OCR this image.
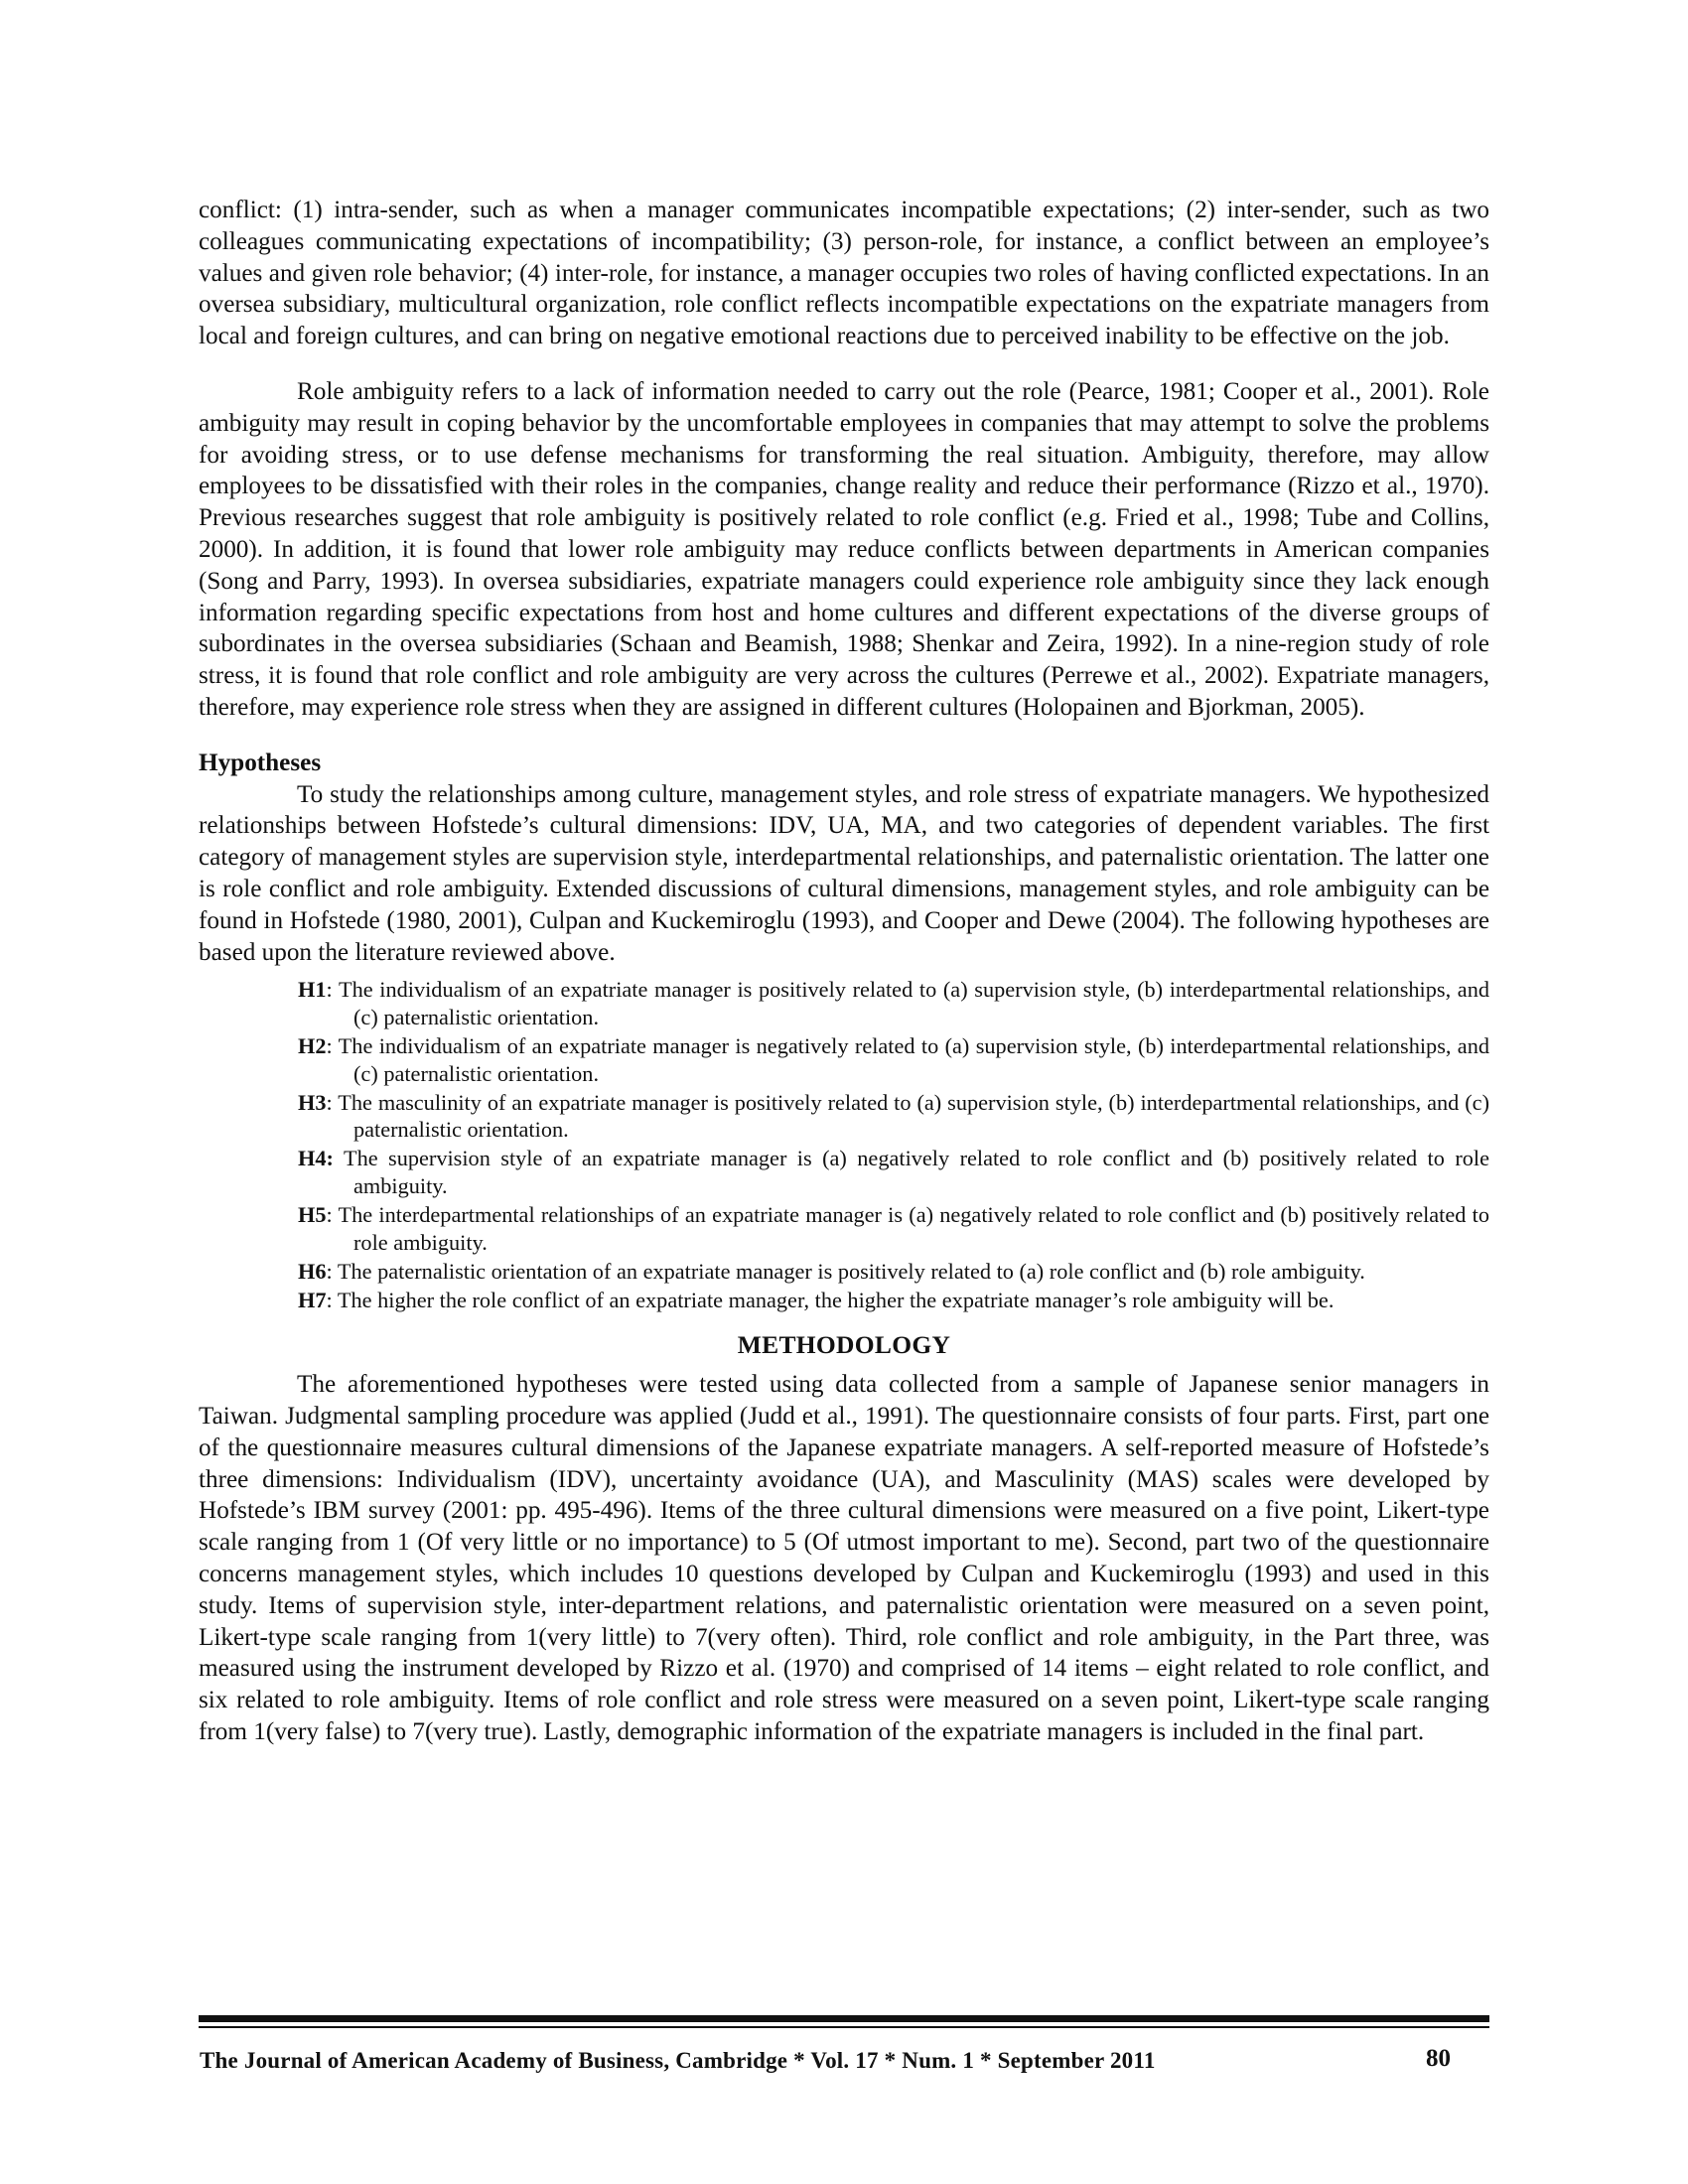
conflict: (1) intra-sender, such as when a manager communicates incompatible expectations; (2) inter-sender, such as two colleagues communicating expectations of incompatibility; (3) person-role, for instance, a conflict between an employee’s values and given role behavior; (4) inter-role, for instance, a manager occupies two roles of having conflicted expectations. In an oversea subsidiary, multicultural organization, role conflict reflects incompatible expectations on the expatriate managers from local and foreign cultures, and can bring on negative emotional reactions due to perceived inability to be effective on the job.

Role ambiguity refers to a lack of information needed to carry out the role (Pearce, 1981; Cooper et al., 2001). Role ambiguity may result in coping behavior by the uncomfortable employees in companies that may attempt to solve the problems for avoiding stress, or to use defense mechanisms for transforming the real situation. Ambiguity, therefore, may allow employees to be dissatisfied with their roles in the companies, change reality and reduce their performance (Rizzo et al., 1970). Previous researches suggest that role ambiguity is positively related to role conflict (e.g. Fried et al., 1998; Tube and Collins, 2000). In addition, it is found that lower role ambiguity may reduce conflicts between departments in American companies (Song and Parry, 1993). In oversea subsidiaries, expatriate managers could experience role ambiguity since they lack enough information regarding specific expectations from host and home cultures and different expectations of the diverse groups of subordinates in the oversea subsidiaries (Schaan and Beamish, 1988; Shenkar and Zeira, 1992). In a nine-region study of role stress, it is found that role conflict and role ambiguity are very across the cultures (Perrewe et al., 2002). Expatriate managers, therefore, may experience role stress when they are assigned in different cultures (Holopainen and Bjorkman, 2005).

Hypotheses

To study the relationships among culture, management styles, and role stress of expatriate managers. We hypothesized relationships between Hofstede’s cultural dimensions: IDV, UA, MA, and two categories of dependent variables. The first category of management styles are supervision style, interdepartmental relationships, and paternalistic orientation. The latter one is role conflict and role ambiguity. Extended discussions of cultural dimensions, management styles, and role ambiguity can be found in Hofstede (1980, 2001), Culpan and Kuckemiroglu (1993), and Cooper and Dewe (2004). The following hypotheses are based upon the literature reviewed above.

H1: The individualism of an expatriate manager is positively related to (a) supervision style, (b) interdepartmental relationships, and (c) paternalistic orientation.
H2: The individualism of an expatriate manager is negatively related to (a) supervision style, (b) interdepartmental relationships, and (c) paternalistic orientation.
H3: The masculinity of an expatriate manager is positively related to (a) supervision style, (b) interdepartmental relationships, and (c) paternalistic orientation.
H4: The supervision style of an expatriate manager is (a) negatively related to role conflict and (b) positively related to role ambiguity.
H5: The interdepartmental relationships of an expatriate manager is (a) negatively related to role conflict and (b) positively related to role ambiguity.
H6: The paternalistic orientation of an expatriate manager is positively related to (a) role conflict and (b) role ambiguity.
H7: The higher the role conflict of an expatriate manager, the higher the expatriate manager’s role ambiguity will be.
METHODOLOGY

The aforementioned hypotheses were tested using data collected from a sample of Japanese senior managers in Taiwan. Judgmental sampling procedure was applied (Judd et al., 1991). The questionnaire consists of four parts. First, part one of the questionnaire measures cultural dimensions of the Japanese expatriate managers. A self-reported measure of Hofstede’s three dimensions: Individualism (IDV), uncertainty avoidance (UA), and Masculinity (MAS) scales were developed by Hofstede’s IBM survey (2001: pp. 495-496). Items of the three cultural dimensions were measured on a five point, Likert-type scale ranging from 1 (Of very little or no importance) to 5 (Of utmost important to me). Second, part two of the questionnaire concerns management styles, which includes 10 questions developed by Culpan and Kuckemiroglu (1993) and used in this study. Items of supervision style, inter-department relations, and paternalistic orientation were measured on a seven point, Likert-type scale ranging from 1(very little) to 7(very often). Third, role conflict and role ambiguity, in the Part three, was measured using the instrument developed by Rizzo et al. (1970) and comprised of 14 items – eight related to role conflict, and six related to role ambiguity. Items of role conflict and role stress were measured on a seven point, Likert-type scale ranging from 1(very false) to 7(very true). Lastly, demographic information of the expatriate managers is included in the final part.

The Journal of American Academy of Business, Cambridge * Vol. 17 * Num. 1 * September 2011	80
